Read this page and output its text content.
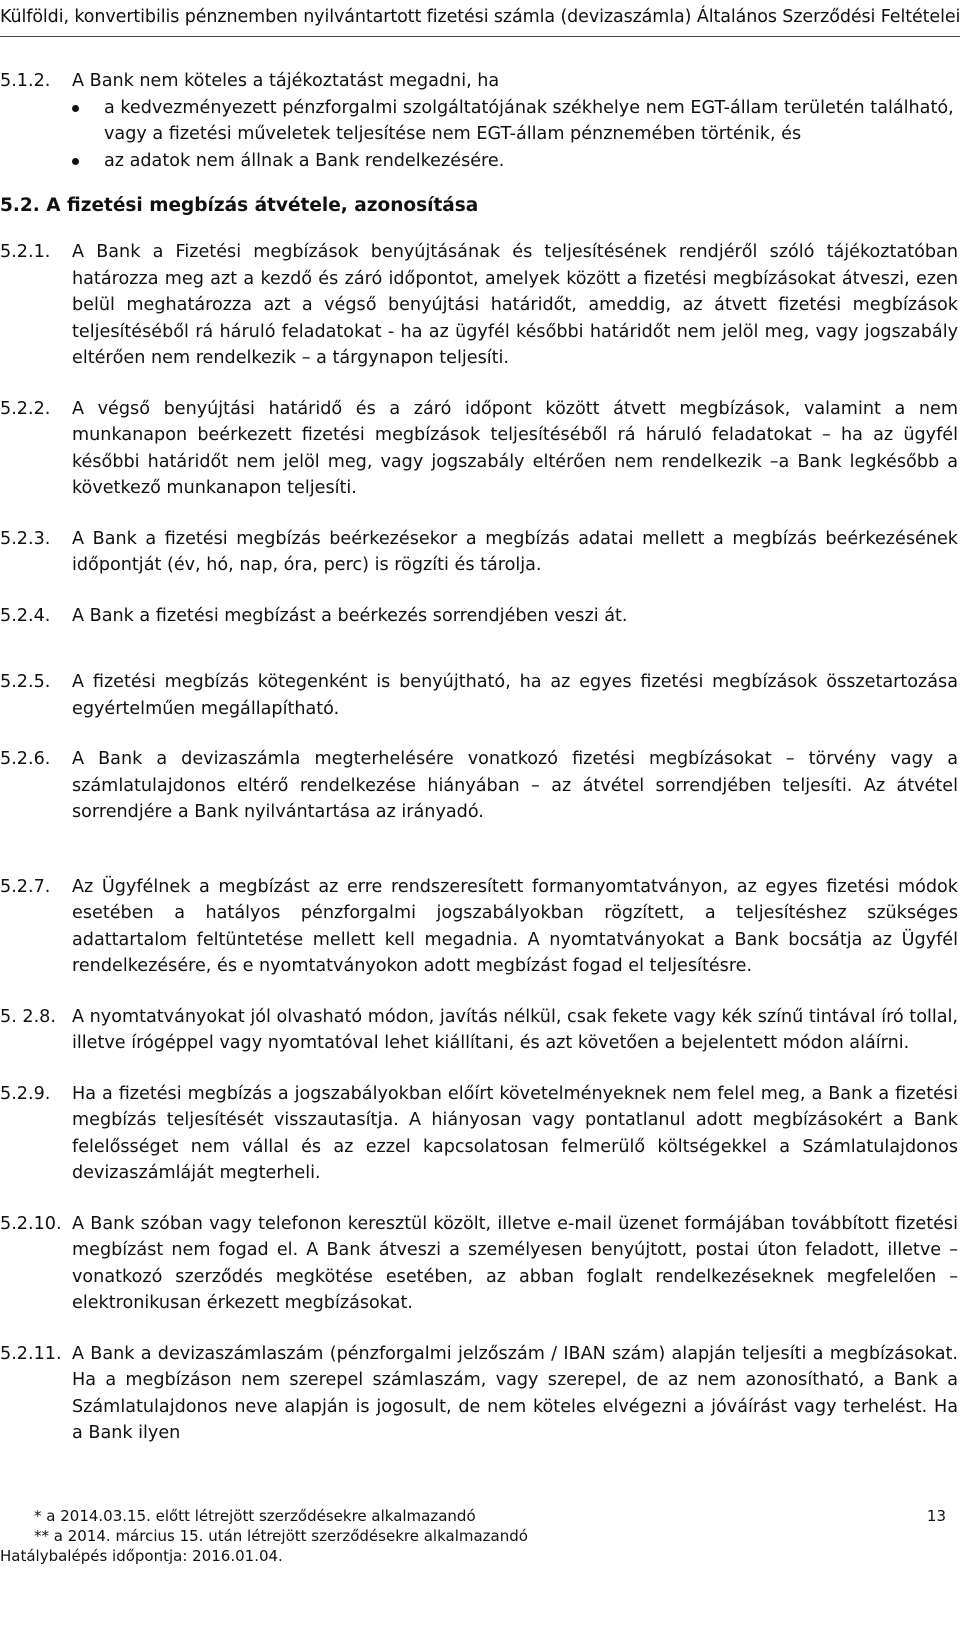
Külföldi, konvertibilis pénznemben nyilvántartott fizetési számla (devizaszámla) Általános Szerződési Feltételei
5.1.2.	A Bank nem köteles a tájékoztatást megadni, ha
a kedvezményezett pénzforgalmi szolgáltatójának székhelye nem EGT-állam területén található, vagy a fizetési műveletek teljesítése nem EGT-állam pénznemében történik, és
az adatok nem állnak a Bank rendelkezésére.
5.2. A fizetési megbízás átvétele, azonosítása
5.2.1.	A Bank a Fizetési megbízások benyújtásának és teljesítésének rendjéről szóló tájékoztatóban határozza meg azt a kezdő és záró időpontot, amelyek között a fizetési megbízásokat átveszi, ezen belül meghatározza azt a végső benyújtási határidőt, ameddig, az átvett fizetési megbízások teljesítéséből rá háruló feladatokat - ha az ügyfél későbbi határidőt nem jelöl meg, vagy jogszabály eltérően nem rendelkezik – a tárgynapon teljesíti.
5.2.2.	A végső benyújtási határidő és a záró időpont között átvett megbízások, valamint a nem munkanapon beérkezett fizetési megbízások teljesítéséből rá háruló feladatokat – ha az ügyfél későbbi határidőt nem jelöl meg, vagy jogszabály eltérően nem rendelkezik –a Bank legkésőbb a következő munkanapon teljesíti.
5.2.3.	A Bank a fizetési megbízás beérkezésekor a megbízás adatai mellett a megbízás beérkezésének időpontját (év, hó, nap, óra, perc) is rögzíti és tárolja.
5.2.4.	A Bank a fizetési megbízást a beérkezés sorrendjében veszi át.
5.2.5.	A fizetési megbízás kötegenként is benyújtható, ha az egyes fizetési megbízások összetartozása egyértelműen megállapítható.
5.2.6.	A Bank a devizaszámla megterhelésére vonatkozó fizetési megbízásokat – törvény vagy a számlatulajdonos eltérő rendelkezése hiányában – az átvétel sorrendjében teljesíti. Az átvétel sorrendjére a Bank nyilvántartása az irányadó.
5.2.7.	Az Ügyfélnek a megbízást az erre rendszeresített formanyomtatványon, az egyes fizetési módok esetében a hatályos pénzforgalmi jogszabályokban rögzített, a teljesítéshez szükséges adattartalom feltüntetése mellett kell megadnia. A nyomtatványokat a Bank bocsátja az Ügyfél rendelkezésére, és e nyomtatványokon adott megbízást fogad el teljesítésre.
5. 2.8. A nyomtatványokat jól olvasható módon, javítás nélkül, csak fekete vagy kék színű tintával író tollal, illetve írógéppel vagy nyomtatóval lehet kiállítani, és azt követően a bejelentett módon aláírni.
5.2.9.	Ha a fizetési megbízás a jogszabályokban előírt követelményeknek nem felel meg, a Bank a fizetési megbízás teljesítését visszautasítja. A hiányosan vagy pontatlanul adott megbízásokért a Bank felelősséget nem vállal és az ezzel kapcsolatosan felmerülő költségekkel a Számlatulajdonos devizaszámláját megterheli.
5.2.10. A Bank szóban vagy telefonon keresztül közölt, illetve e-mail üzenet formájában továbbított fizetési megbízást nem fogad el. A Bank átveszi a személyesen benyújtott, postai úton feladott, illetve – vonatkozó szerződés megkötése esetében, az abban foglalt rendelkezéseknek megfelelően – elektronikusan érkezett megbízásokat.
5.2.11. A Bank a devizaszámlaszám (pénzforgalmi jelzőszám / IBAN szám) alapján teljesíti a megbízásokat. Ha a megbízáson nem szerepel számlaszám, vagy szerepel, de az nem azonosítható, a Bank a Számlatulajdonos neve alapján is jogosult, de nem köteles elvégezni a jóváírást vagy terhelést. Ha a Bank ilyen
* a 2014.03.15. előtt létrejött szerződésekre alkalmazandó
** a 2014. március 15. után létrejött szerződésekre alkalmazandó
Hatálybalépés időpontja: 2016.01.04.
13
